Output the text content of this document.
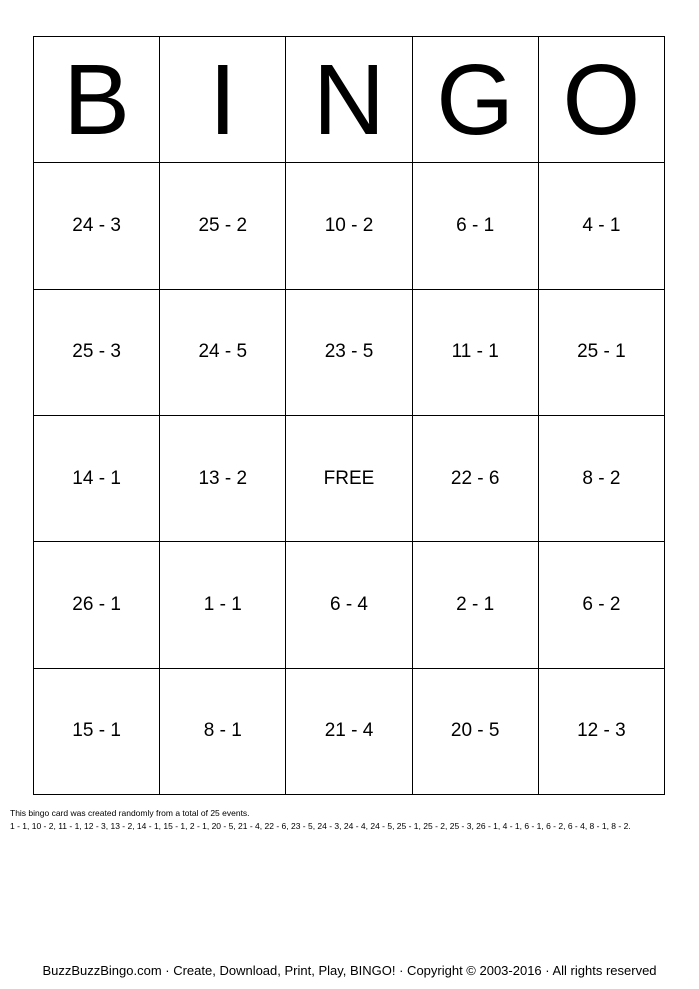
B I N G O
24 - 3	25 - 2	10 - 2	6 - 1	4 - 1
25 - 3	24 - 5	23 - 5	11 - 1	25 - 1
14 - 1	13 - 2	FREE	22 - 6	8 - 2
26 - 1	1 - 1	6 - 4	2 - 1	6 - 2
15 - 1	8 - 1	21 - 4	20 - 5	12 - 3

This bingo card was created randomly from a total of 25 events.

1 - 1, 10 - 2, 11 - 1, 12 - 3, 13 - 2, 14 - 1, 15 - 1, 2 - 1, 20 - 5, 21 - 4, 22 - 6, 23 - 5, 24 - 3, 24 - 4, 24 - 5, 25 - 1, 25 - 2, 25 - 3, 26 - 1, 4 - 1, 6 - 1, 6 - 2, 6 - 4, 8 - 1, 8 - 2.

BuzzBuzzBingo.com · Create, Download, Print, Play, BINGO! · Copyright © 2003-2016 · All rights reserved
